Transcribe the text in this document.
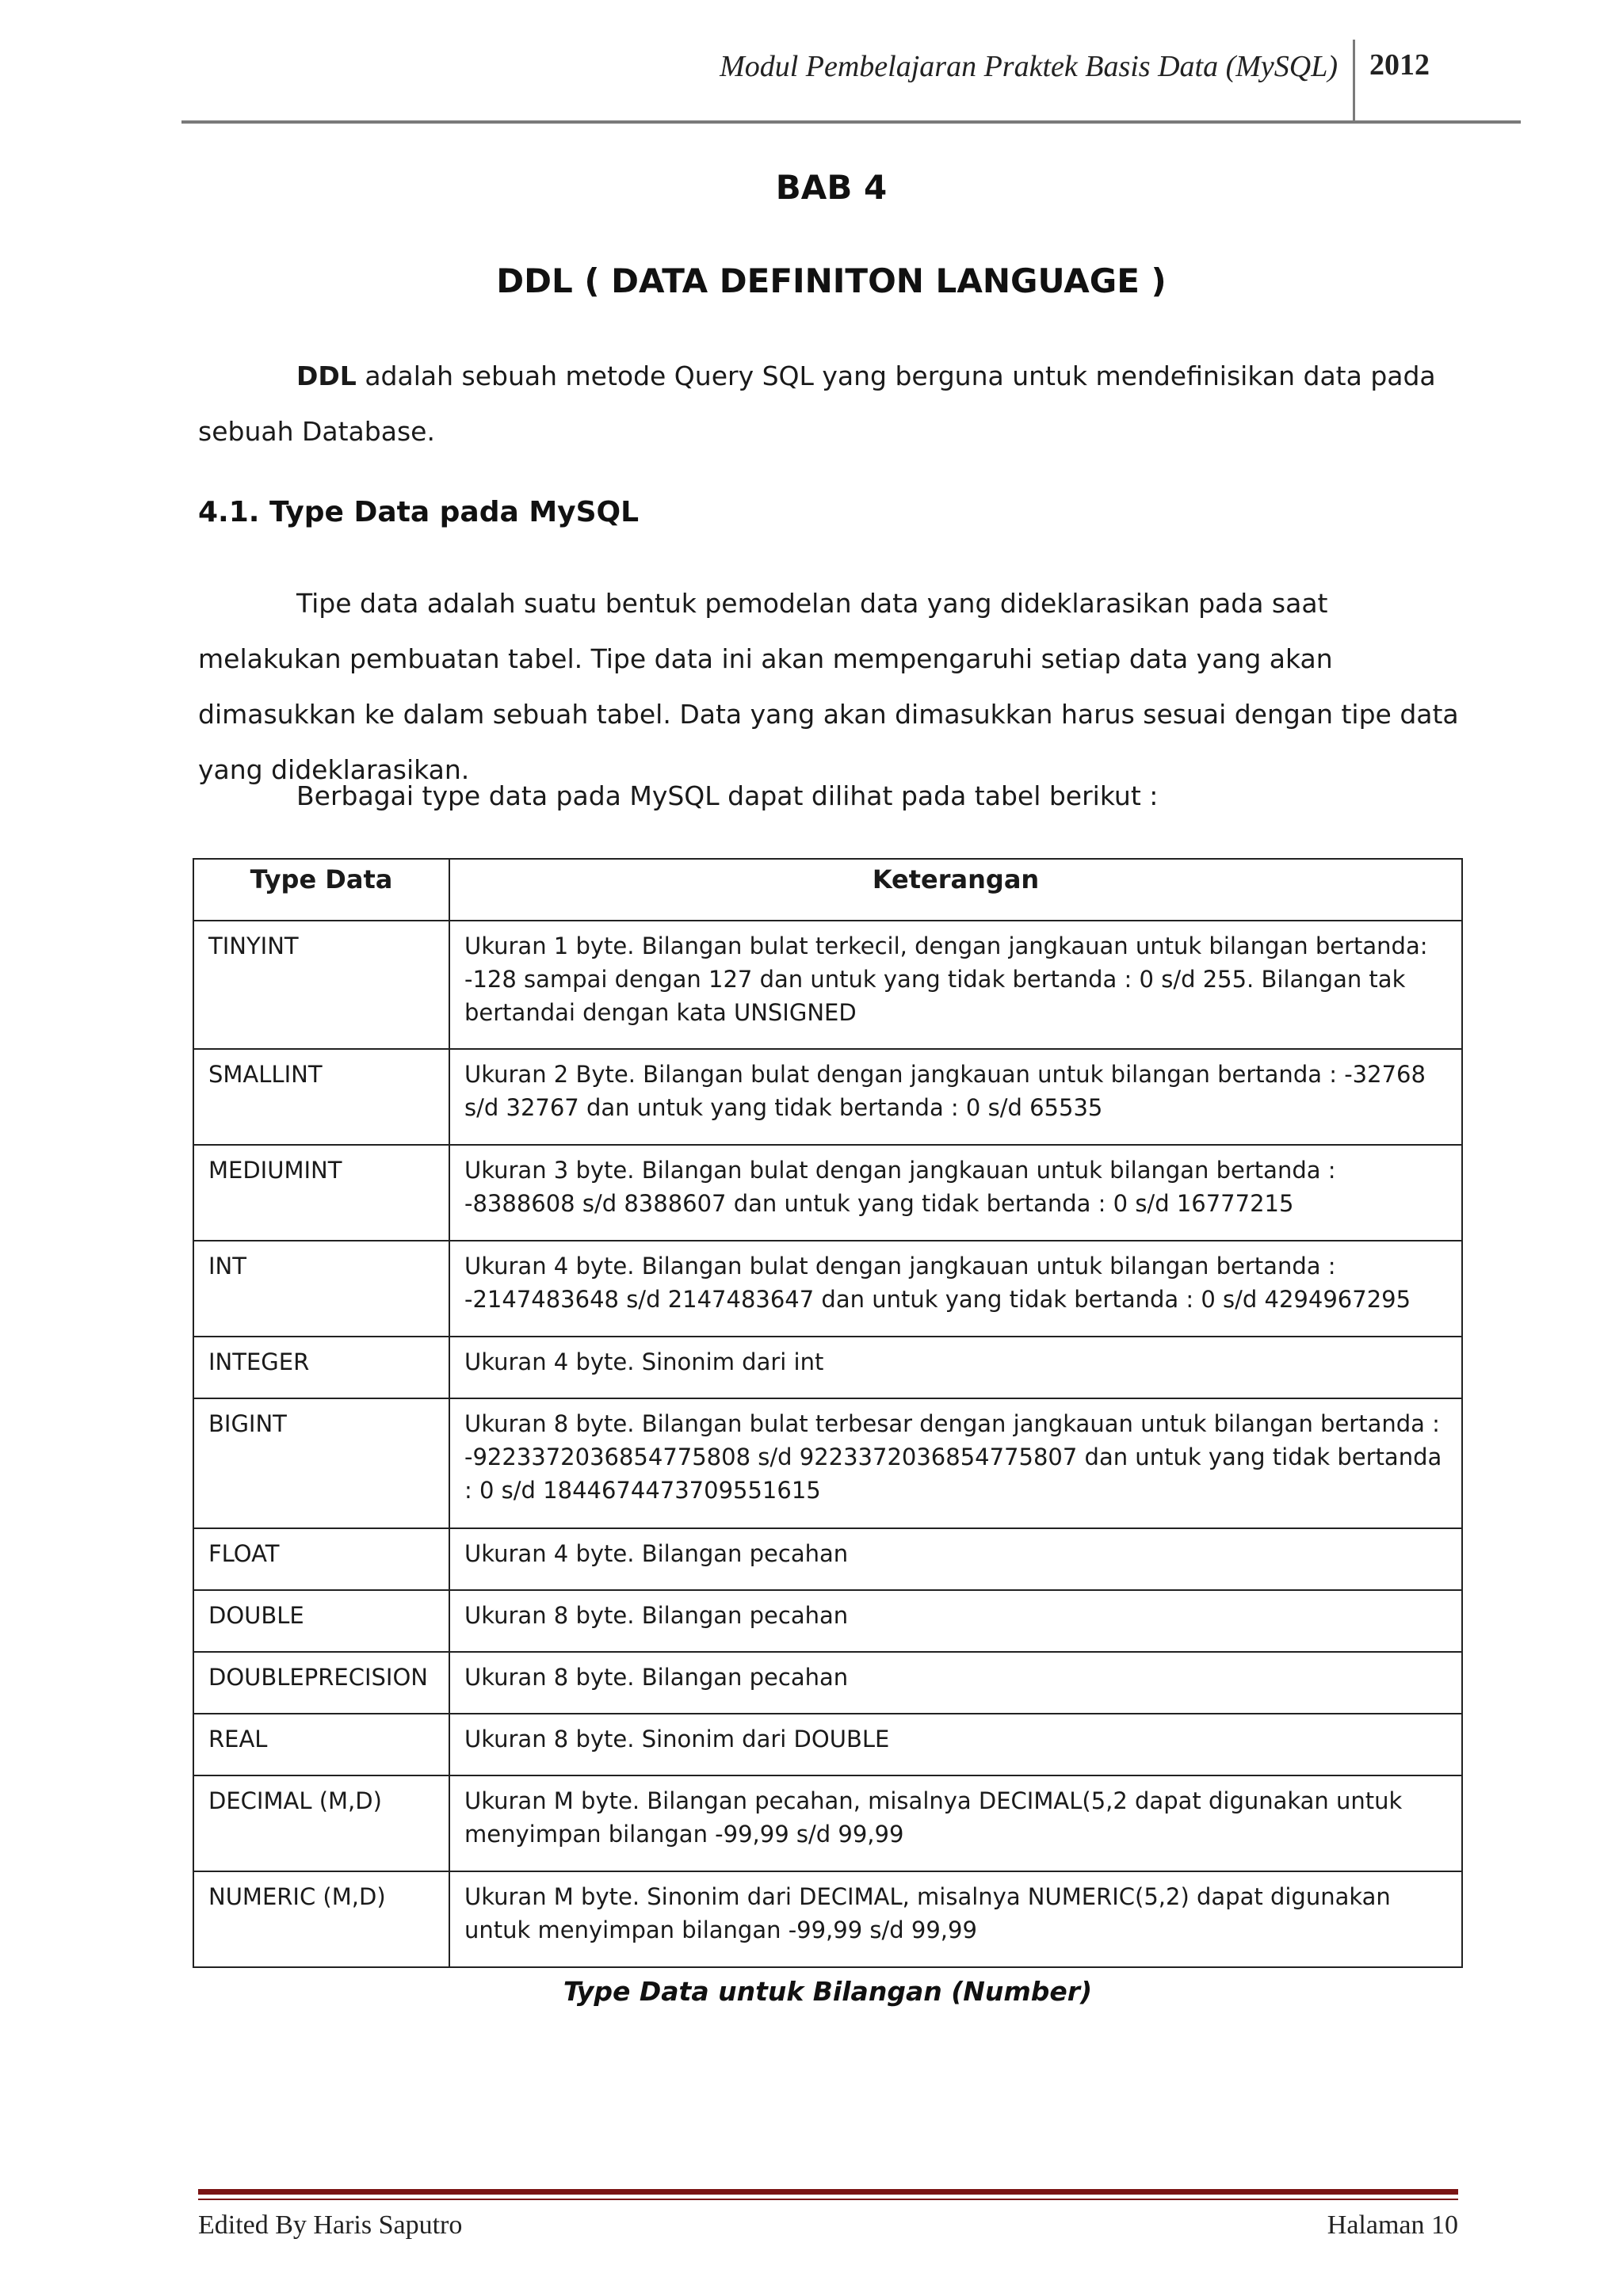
Modul Pembelajaran Praktek Basis Data (MySQL) 2012
BAB 4
DDL ( DATA DEFINITON LANGUAGE )
DDL adalah sebuah metode Query SQL yang berguna untuk mendefinisikan data pada sebuah Database.
4.1. Type Data pada MySQL
Tipe data adalah suatu bentuk pemodelan data yang dideklarasikan pada saat melakukan pembuatan tabel. Tipe data ini akan mempengaruhi setiap data yang akan dimasukkan ke dalam sebuah tabel. Data yang akan dimasukkan harus sesuai dengan tipe data yang dideklarasikan.
Berbagai type data pada MySQL dapat dilihat pada tabel berikut :
Type Data	Keterangan
TINYINT	Ukuran 1 byte. Bilangan bulat terkecil, dengan jangkauan untuk bilangan bertanda: -128 sampai dengan 127 dan untuk yang tidak bertanda : 0 s/d 255. Bilangan tak bertandai dengan kata UNSIGNED
SMALLINT	Ukuran 2 Byte. Bilangan bulat dengan jangkauan untuk bilangan bertanda : -32768 s/d 32767 dan untuk yang tidak bertanda : 0 s/d 65535
MEDIUMINT	Ukuran 3 byte. Bilangan bulat dengan jangkauan untuk bilangan bertanda : -8388608 s/d 8388607 dan untuk yang tidak bertanda : 0 s/d 16777215
INT	Ukuran 4 byte. Bilangan bulat dengan jangkauan untuk bilangan bertanda : -2147483648 s/d 2147483647 dan untuk yang tidak bertanda : 0 s/d 4294967295
INTEGER	Ukuran 4 byte. Sinonim dari int
BIGINT	Ukuran 8 byte. Bilangan bulat terbesar dengan jangkauan untuk bilangan bertanda : -9223372036854775808 s/d 9223372036854775807 dan untuk yang tidak bertanda : 0 s/d 1844674473709551615
FLOAT	Ukuran 4 byte. Bilangan pecahan
DOUBLE	Ukuran 8 byte. Bilangan pecahan
DOUBLEPRECISION	Ukuran 8 byte. Bilangan pecahan
REAL	Ukuran 8 byte. Sinonim dari DOUBLE
DECIMAL (M,D)	Ukuran M byte. Bilangan pecahan, misalnya DECIMAL(5,2 dapat digunakan untuk menyimpan bilangan -99,99 s/d 99,99
NUMERIC (M,D)	Ukuran M byte. Sinonim dari DECIMAL, misalnya NUMERIC(5,2) dapat digunakan untuk menyimpan bilangan -99,99 s/d 99,99
Type Data untuk Bilangan (Number)
Edited By Haris Saputro	Halaman 10
